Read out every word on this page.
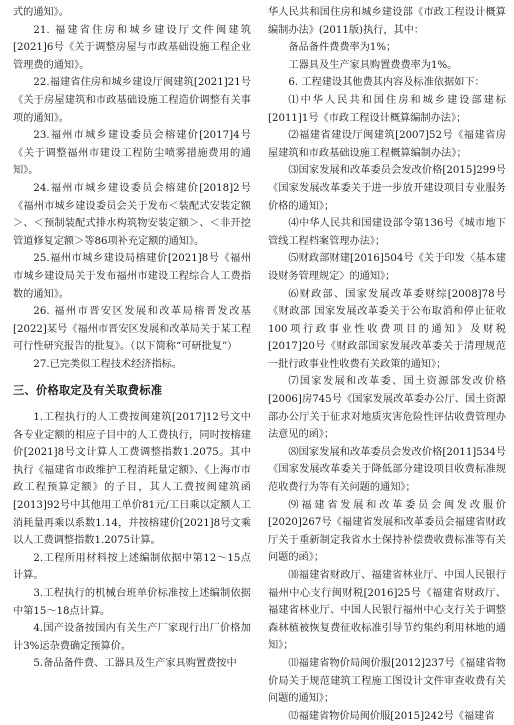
式的通知》。

21. 福建省住房和城乡建设厅文件闽建筑[2021]6号《关于调整房屋与市政基础设施工程企业管理费的通知》。

22.福建省住房和城乡建设厅闽建筑[2021]21号《关于房屋建筑和市政基础设施工程造价调整有关事项的通知》。

23.福州市城乡建设委员会榕建价[2017]4号《关于调整福州市建设工程防尘喷雾措施费用的通知》。

24.福州市城乡建设委员会榕建价[2018]2号《福州市城乡建设委员会关于发布＜装配式安装定额＞、＜预制装配式排水构筑物安装定额＞、＜非开挖管道修复定额＞等86项补充定额的通知》。

25.福州市城乡建设局榕建价[2021]8号《福州市城乡建设局关于发布福州市建设工程综合人工费指数的通知》。

26. 福州市晋安区发展和改革局榕晋发改基[2022]某号《福州市晋安区发展和改革局关于某工程可行性研究报告的批复》。（以下简称“可研批复”）

27.已完类似工程技术经济指标。

三、价格取定及有关取费标准

1.工程执行的人工费按闽建筑[2017]12号文中各专业定额的相应子目中的人工费执行，同时按榕建价[2021]8号文计算人工费调整指数1.2075。其中执行《福建省市政维护工程消耗量定额》、《上海市市政工程预算定额》的子目，其人工费按闽建筑函[2013]92号中其他用工单价81元/工日乘以定额人工消耗量再乘以系数1.14，并按榕建价[2021]8号文乘以人工费调整指数1.2075计算。

2.工程所用材料按上述编制依据中第12～15点计算。

3.工程执行的机械台班单价标准按上述编制依据中第15～18点计算。

4.国产设备按国内有关生产厂家现行出厂价格加计3%运杂费确定预算价。

5.备品备件费、工器具及生产家具购置费按中

华人民共和国住房和城乡建设部《市政工程设计概算编制办法》(2011版)执行，其中：

备品备件费费率为1%；

工器具及生产家具购置费费率为1%。

6. 工程建设其他费其内容及标准依据如下：

⑴中华人民共和国住房和城乡建设部建标[2011]1号《市政工程设计概算编制办法》；

⑵福建省建设厅闽建筑[2007]52号《福建省房屋建筑和市政基础设施工程概算编制办法》；

⑶国家发展和改革委员会发改价格[2015]299号《国家发展改革委关于进一步放开建设项目专业服务价格的通知》；

⑷中华人民共和国建设部令第136号《城市地下管线工程档案管理办法》；

⑸财政部财建[2016]504号《关于印发〈基本建设财务管理规定〉的通知》；

⑹财政部、国家发展改革委财综[2008]78号《财政部 国家发展改革委关于公布取消和停止征收100项行政事业性收费项目的通知》及财税[2017]20号《财政部国家发展改革委关于清理规范一批行政事业性收费有关政策的通知》；

⑺国家发展和改革委、国土资源部发改价格[2006]房745号《国家发展改革委办公厅、国土资源部办公厅关于征求对地质灾害危险性评估收费管理办法意见的函》；

⑻国家发展和改革委员会发改价格[2011]534号《国家发展改革委关于降低部分建设项目收费标准规范收费行为等有关问题的通知》；

⑼福建省发展和改革委员会闽发改服价[2020]267号《福建省发展和改革委员会福建省财政厅关于重新制定我省水土保持补偿费收费标准等有关问题的函》；

⑽福建省财政厅、福建省林业厅、中国人民银行福州中心支行闽财税[2016]25号《福建省财政厅、福建省林业厅、中国人民银行福州中心支行关于调整森林植被恢复费征收标准引导节约集约利用林地的通知》；

⑾福建省物价局闽价服[2012]237号《福建省物价局关于规范建筑工程施工图设计文件审查收费有关问题的通知》；

⑿福建省物价局闽价服[2015]242号《福建省
